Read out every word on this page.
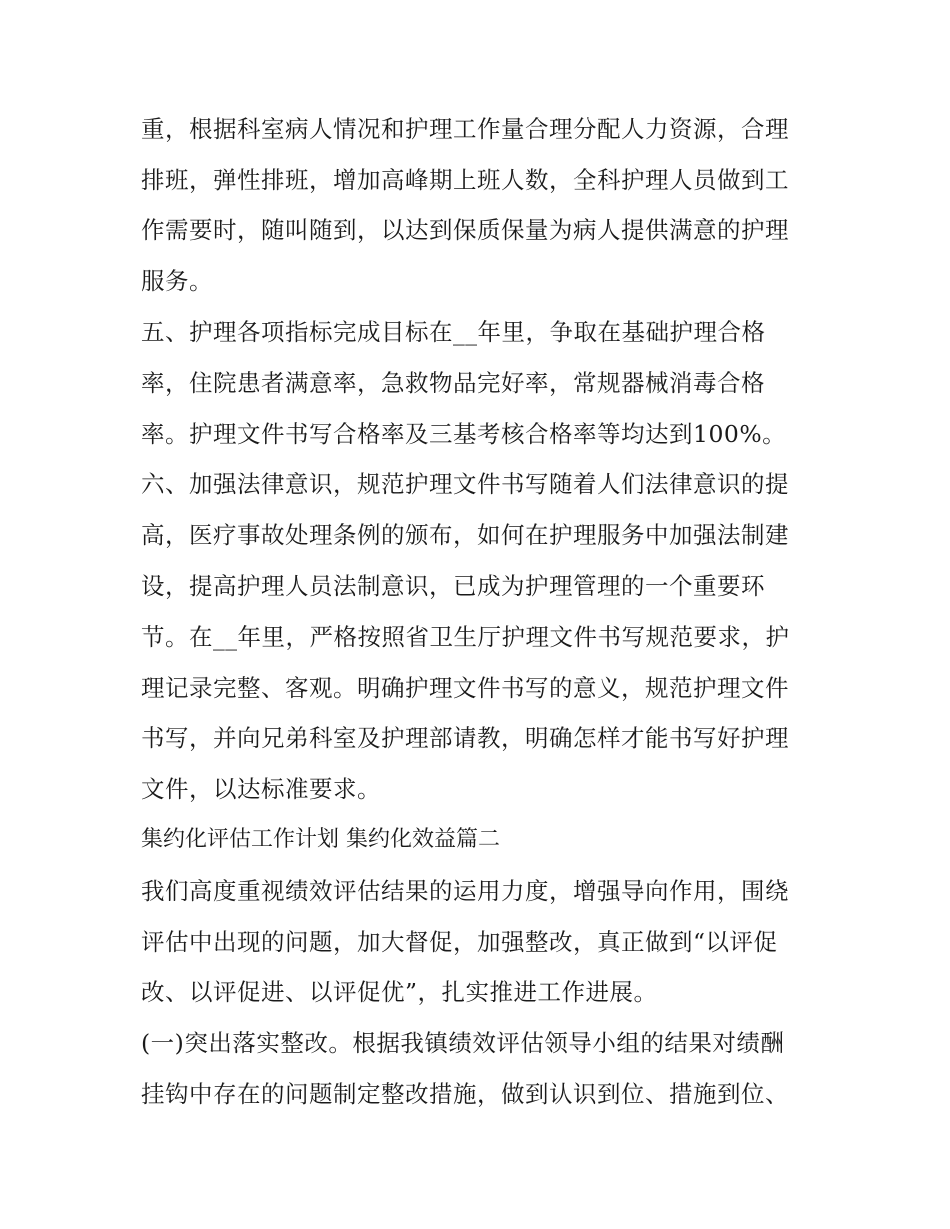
重，根据科室病人情况和护理工作量合理分配人力资源，合理
排班，弹性排班，增加高峰期上班人数，全科护理人员做到工
作需要时，随叫随到，以达到保质保量为病人提供满意的护理
服务。
五、护理各项指标完成目标在__年里，争取在基础护理合格
率，住院患者满意率，急救物品完好率，常规器械消毒合格
率。护理文件书写合格率及三基考核合格率等均达到100%。
六、加强法律意识，规范护理文件书写随着人们法律意识的提
高，医疗事故处理条例的颁布，如何在护理服务中加强法制建
设，提高护理人员法制意识，已成为护理管理的一个重要环
节。在__年里，严格按照省卫生厅护理文件书写规范要求，护
理记录完整、客观。明确护理文件书写的意义，规范护理文件
书写，并向兄弟科室及护理部请教，明确怎样才能书写好护理
文件，以达标准要求。
集约化评估工作计划 集约化效益篇二
我们高度重视绩效评估结果的运用力度，增强导向作用，围绕
评估中出现的问题，加大督促，加强整改，真正做到“以评促
改、以评促进、以评促优”，扎实推进工作进展。
(一)突出落实整改。根据我镇绩效评估领导小组的结果对绩酬
挂钩中存在的问题制定整改措施，做到认识到位、措施到位、
